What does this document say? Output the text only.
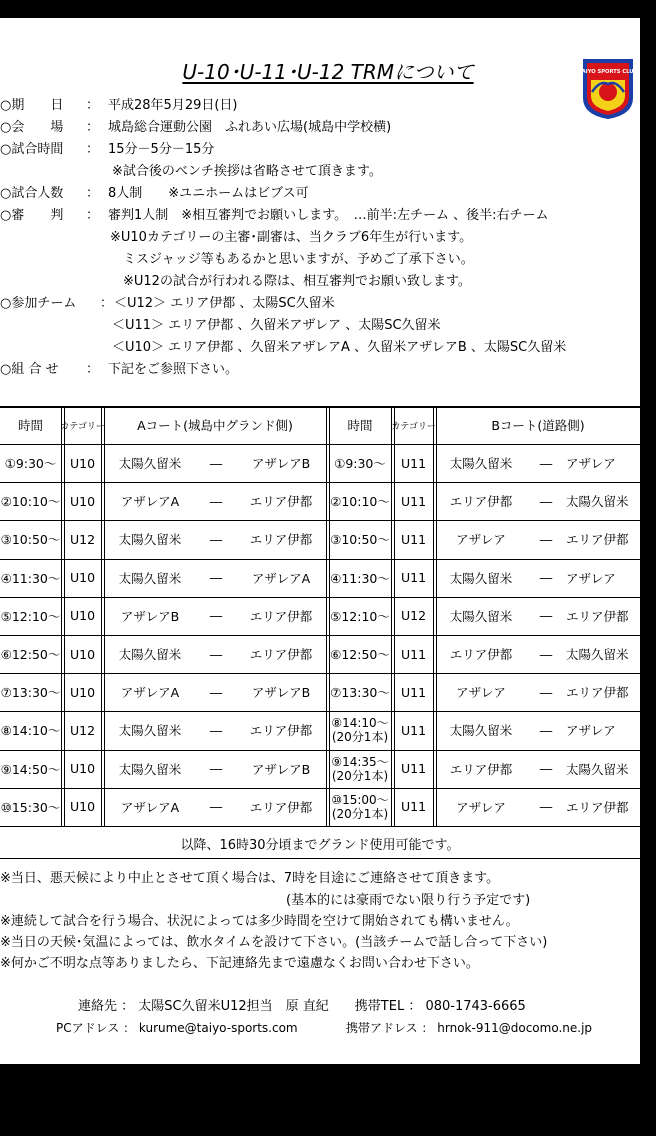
U-10･U-11･U-12 TRMについて	TAIYO SPORTS CLUB
○期　　日 ： 平成28年5月29日(日)
○会　　場 ： 城島総合運動公園　ふれあい広場(城島中学校横)
○試合時間 ： 15分－5分－15分
※試合後のベンチ挨拶は省略させて頂きます。
○試合人数 ： 8人制　　※ユニホームはビブス可
○審　　判 ： 審判1人制　※相互審判でお願いします。　…前半:左チーム 、後半:右チーム
※U10カテゴリーの主審･副審は、当クラブ6年生が行います。
　ミスジャッジ等もあるかと思いますが、予めご了承下さい。
　※U12の試合が行われる際は、相互審判でお願い致します。
○参加チーム ： ＜U12＞ エリア伊都 、太陽SC久留米
＜U11＞ エリア伊都 、久留米アザレア 、太陽SC久留米
＜U10＞ エリア伊都 、久留米アザレアA 、久留米アザレアB 、太陽SC久留米
○組 合 せ ： 下記をご参照下さい。
時間	カテゴリー	Aコート(城島中グランド側)	時間	カテゴリー	Bコート(道路側)
①9:30～	U10	太陽久留米	―	アザレアB	①9:30～	U11	太陽久留米	―	アザレア
②10:10～ U10	アザレアA	―	エリア伊都	②10:10～ U11	エリア伊都	―	太陽久留米
③10:50～ U12	太陽久留米	―	エリア伊都	③10:50～ U11	アザレア	―	エリア伊都
④11:30～ U10	太陽久留米	―	アザレアA	④11:30～ U11	太陽久留米	―	アザレア
⑤12:10～ U10	アザレアB	―	エリア伊都	⑤12:10～ U12	太陽久留米	―	エリア伊都
⑥12:50～ U10	太陽久留米	―	エリア伊都	⑥12:50～ U11	エリア伊都	―	太陽久留米
⑦13:30～ U10	アザレアA	―	アザレアB	⑦13:30～ U11	アザレア	―	エリア伊都
⑧14:10～ U12	太陽久留米	―	エリア伊都	⑧14:10～
(20分1本)	U11	太陽久留米	―	アザレア
⑨14:50～ U10	太陽久留米	―	アザレアB	⑨14:35～
(20分1本)	U11	エリア伊都	―	太陽久留米
⑩15:30～ U10	アザレアA	―	エリア伊都	⑩15:00～
(20分1本)	U11	アザレア	―	エリア伊都
以降、16時30分頃までグランド使用可能です。
※当日、悪天候により中止とさせて頂く場合は、7時を目途にご連絡させて頂きます。
　　　　　　　　　　　　　　　　　　　　　　(基本的には豪雨でない限り行う予定です)
※連続して試合を行う場合、状況によっては多少時間を空けて開始されても構いません。
※当日の天候･気温によっては、飲水タイムを設けて下さい。(当該チームで話し合って下さい)
※何かご不明な点等ありましたら、下記連絡先まで遠慮なくお問い合わせ下さい。
連絡先 ： 太陽SC久留米U12担当　原 直紀　　携帯TEL ： 080-1743-6665
PCアドレス ： kurume@taiyo-sports.com	携帯アドレス ： hrnok-911@docomo.ne.jp
